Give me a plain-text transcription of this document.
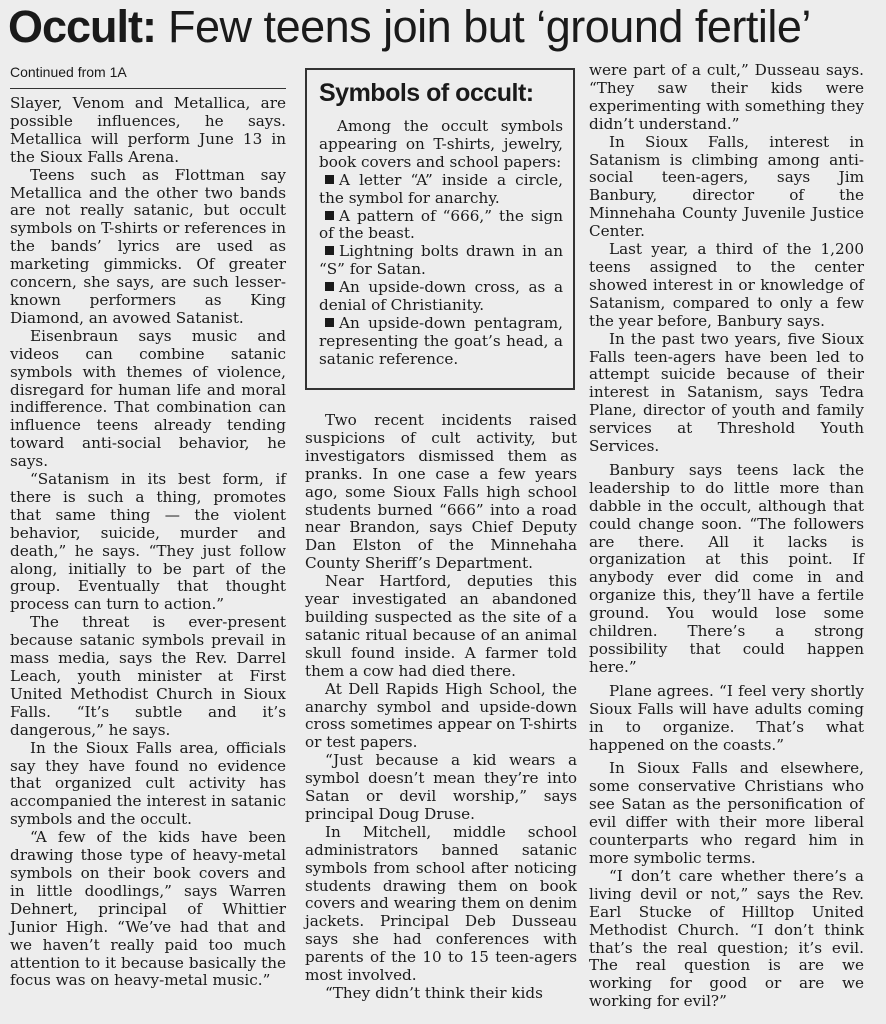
Occult: Few teens join but ‘ground fertile’
Continued from 1A

Slayer, Venom and Metallica, are possible influences, he says. Metallica will perform June 13 in the Sioux Falls Arena.

Teens such as Flottman say Metallica and the other two bands are not really satanic, but occult symbols on T-shirts or references in the bands’ lyrics are used as marketing gimmicks. Of greater concern, she says, are such lesser-known performers as King Diamond, an avowed Satanist.

Eisenbraun says music and videos can combine satanic symbols with themes of violence, disregard for human life and moral indifference. That combination can influence teens already tending toward anti-social behavior, he says.

“Satanism in its best form, if there is such a thing, promotes that same thing — the violent behavior, suicide, murder and death,” he says. “They just follow along, initially to be part of the group. Eventually that thought process can turn to action.”

The threat is ever-present because satanic symbols prevail in mass media, says the Rev. Darrel Leach, youth minister at First United Methodist Church in Sioux Falls. “It’s subtle and it’s dangerous,” he says.

In the Sioux Falls area, officials say they have found no evidence that organized cult activity has accompanied the interest in satanic symbols and the occult.

“A few of the kids have been drawing those type of heavy-metal symbols on their book covers and in little doodlings,” says Warren Dehnert, principal of Whittier Junior High. “We’ve had that and we haven’t really paid too much attention to it because basically the focus was on heavy-metal music.”

Symbols of occult:

Among the occult symbols appearing on T-shirts, jewelry, book covers and school papers:

A letter “A” inside a circle, the symbol for anarchy.

A pattern of “666,” the sign of the beast.

Lightning bolts drawn in an “S” for Satan.

An upside-down cross, as a denial of Christianity.

An upside-down pentagram, representing the goat’s head, a satanic reference.

Two recent incidents raised suspicions of cult activity, but investigators dismissed them as pranks. In one case a few years ago, some Sioux Falls high school students burned “666” into a road near Brandon, says Chief Deputy Dan Elston of the Minnehaha County Sheriff’s Department.

Near Hartford, deputies this year investigated an abandoned building suspected as the site of a satanic ritual because of an animal skull found inside. A farmer told them a cow had died there.

At Dell Rapids High School, the anarchy symbol and upside-down cross sometimes appear on T-shirts or test papers.

“Just because a kid wears a symbol doesn’t mean they’re into Satan or devil worship,” says principal Doug Druse.

In Mitchell, middle school administrators banned satanic symbols from school after noticing students drawing them on book covers and wearing them on denim jackets. Principal Deb Dusseau says she had conferences with parents of the 10 to 15 teen-agers most involved.

“They didn’t think their kids

were part of a cult,” Dusseau says. “They saw their kids were experimenting with something they didn’t understand.”

In Sioux Falls, interest in Satanism is climbing among anti-social teen-agers, says Jim Banbury, director of the Minnehaha County Juvenile Justice Center.

Last year, a third of the 1,200 teens assigned to the center showed interest in or knowledge of Satanism, compared to only a few the year before, Banbury says.

In the past two years, five Sioux Falls teen-agers have been led to attempt suicide because of their interest in Satanism, says Tedra Plane, director of youth and family services at Threshold Youth Services.

Banbury says teens lack the leadership to do little more than dabble in the occult, although that could change soon. “The followers are there. All it lacks is organization at this point. If anybody ever did come in and organize this, they’ll have a fertile ground. You would lose some children. There’s a strong possibility that could happen here.”

Plane agrees. “I feel very shortly Sioux Falls will have adults coming in to organize. That’s what happened on the coasts.”

In Sioux Falls and elsewhere, some conservative Christians who see Satan as the personification of evil differ with their more liberal counterparts who regard him in more symbolic terms.

“I don’t care whether there’s a living devil or not,” says the Rev. Earl Stucke of Hilltop United Methodist Church. “I don’t think that’s the real question; it’s evil. The real question is are we working for good or are we working for evil?”
